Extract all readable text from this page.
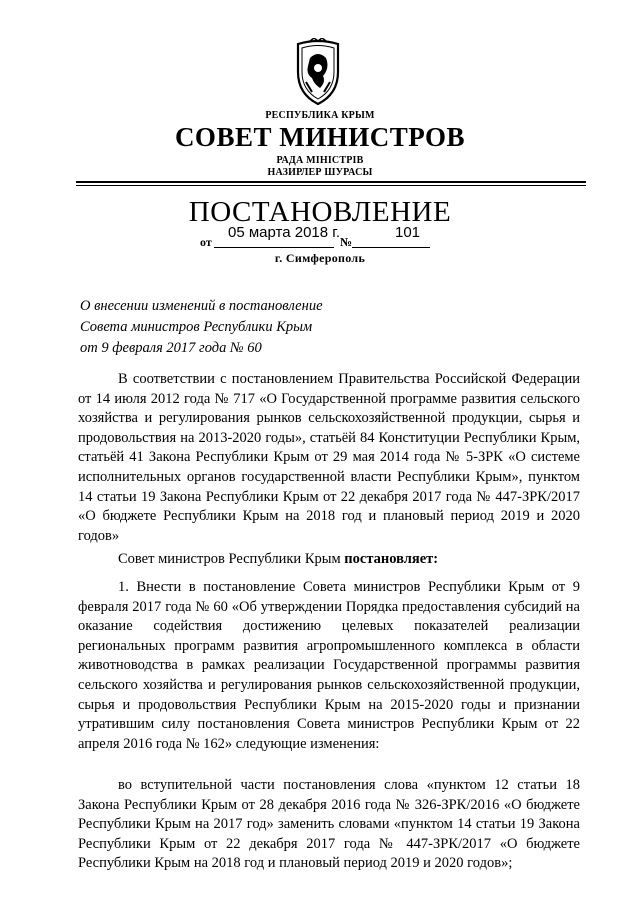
РЕСПУБЛИКА КРЫМ
СОВЕТ МИНИСТРОВ
РАДА МІНІСТРІВ
НАЗИРЛЕР ШУРАСЫ
ПОСТАНОВЛЕНИЕ
от
05 марта 2018 г.
№
101
г. Симферополь
О внесении изменений в постановление
Совета министров Республики Крым
от 9 февраля 2017 года № 60
В соответствии с постановлением Правительства Российской Федерации от 14 июля 2012 года № 717 «О Государственной программе развития сельского хозяйства и регулирования рынков сельскохозяйственной продукции, сырья и продовольствия на 2013-2020 годы», статьёй 84 Конституции Республики Крым, статьёй 41 Закона Республики Крым от 29 мая 2014 года № 5-ЗРК «О системе исполнительных органов государственной власти Республики Крым», пунктом 14 статьи 19 Закона Республики Крым от 22 декабря 2017 года № 447-ЗРК/2017 «О бюджете Республики Крым на 2018 год и плановый период 2019 и 2020 годов»
Совет министров Республики Крым постановляет:
1. Внести в постановление Совета министров Республики Крым от 9 февраля 2017 года № 60 «Об утверждении Порядка предоставления субсидий на оказание содействия достижению целевых показателей реализации региональных программ развития агропромышленного комплекса в области животноводства в рамках реализации Государственной программы развития сельского хозяйства и регулирования рынков сельскохозяйственной продукции, сырья и продовольствия Республики Крым на 2015-2020 годы и признании утратившим силу постановления Совета министров Республики Крым от 22 апреля 2016 года № 162» следующие изменения:
во вступительной части постановления слова «пунктом 12 статьи 18 Закона Республики Крым от 28 декабря 2016 года № 326-ЗРК/2016 «О бюджете Республики Крым на 2017 год» заменить словами «пунктом 14 статьи 19 Закона Республики Крым от 22 декабря 2017 года № 447-ЗРК/2017 «О бюджете Республики Крым на 2018 год и плановый период 2019 и 2020 годов»;
